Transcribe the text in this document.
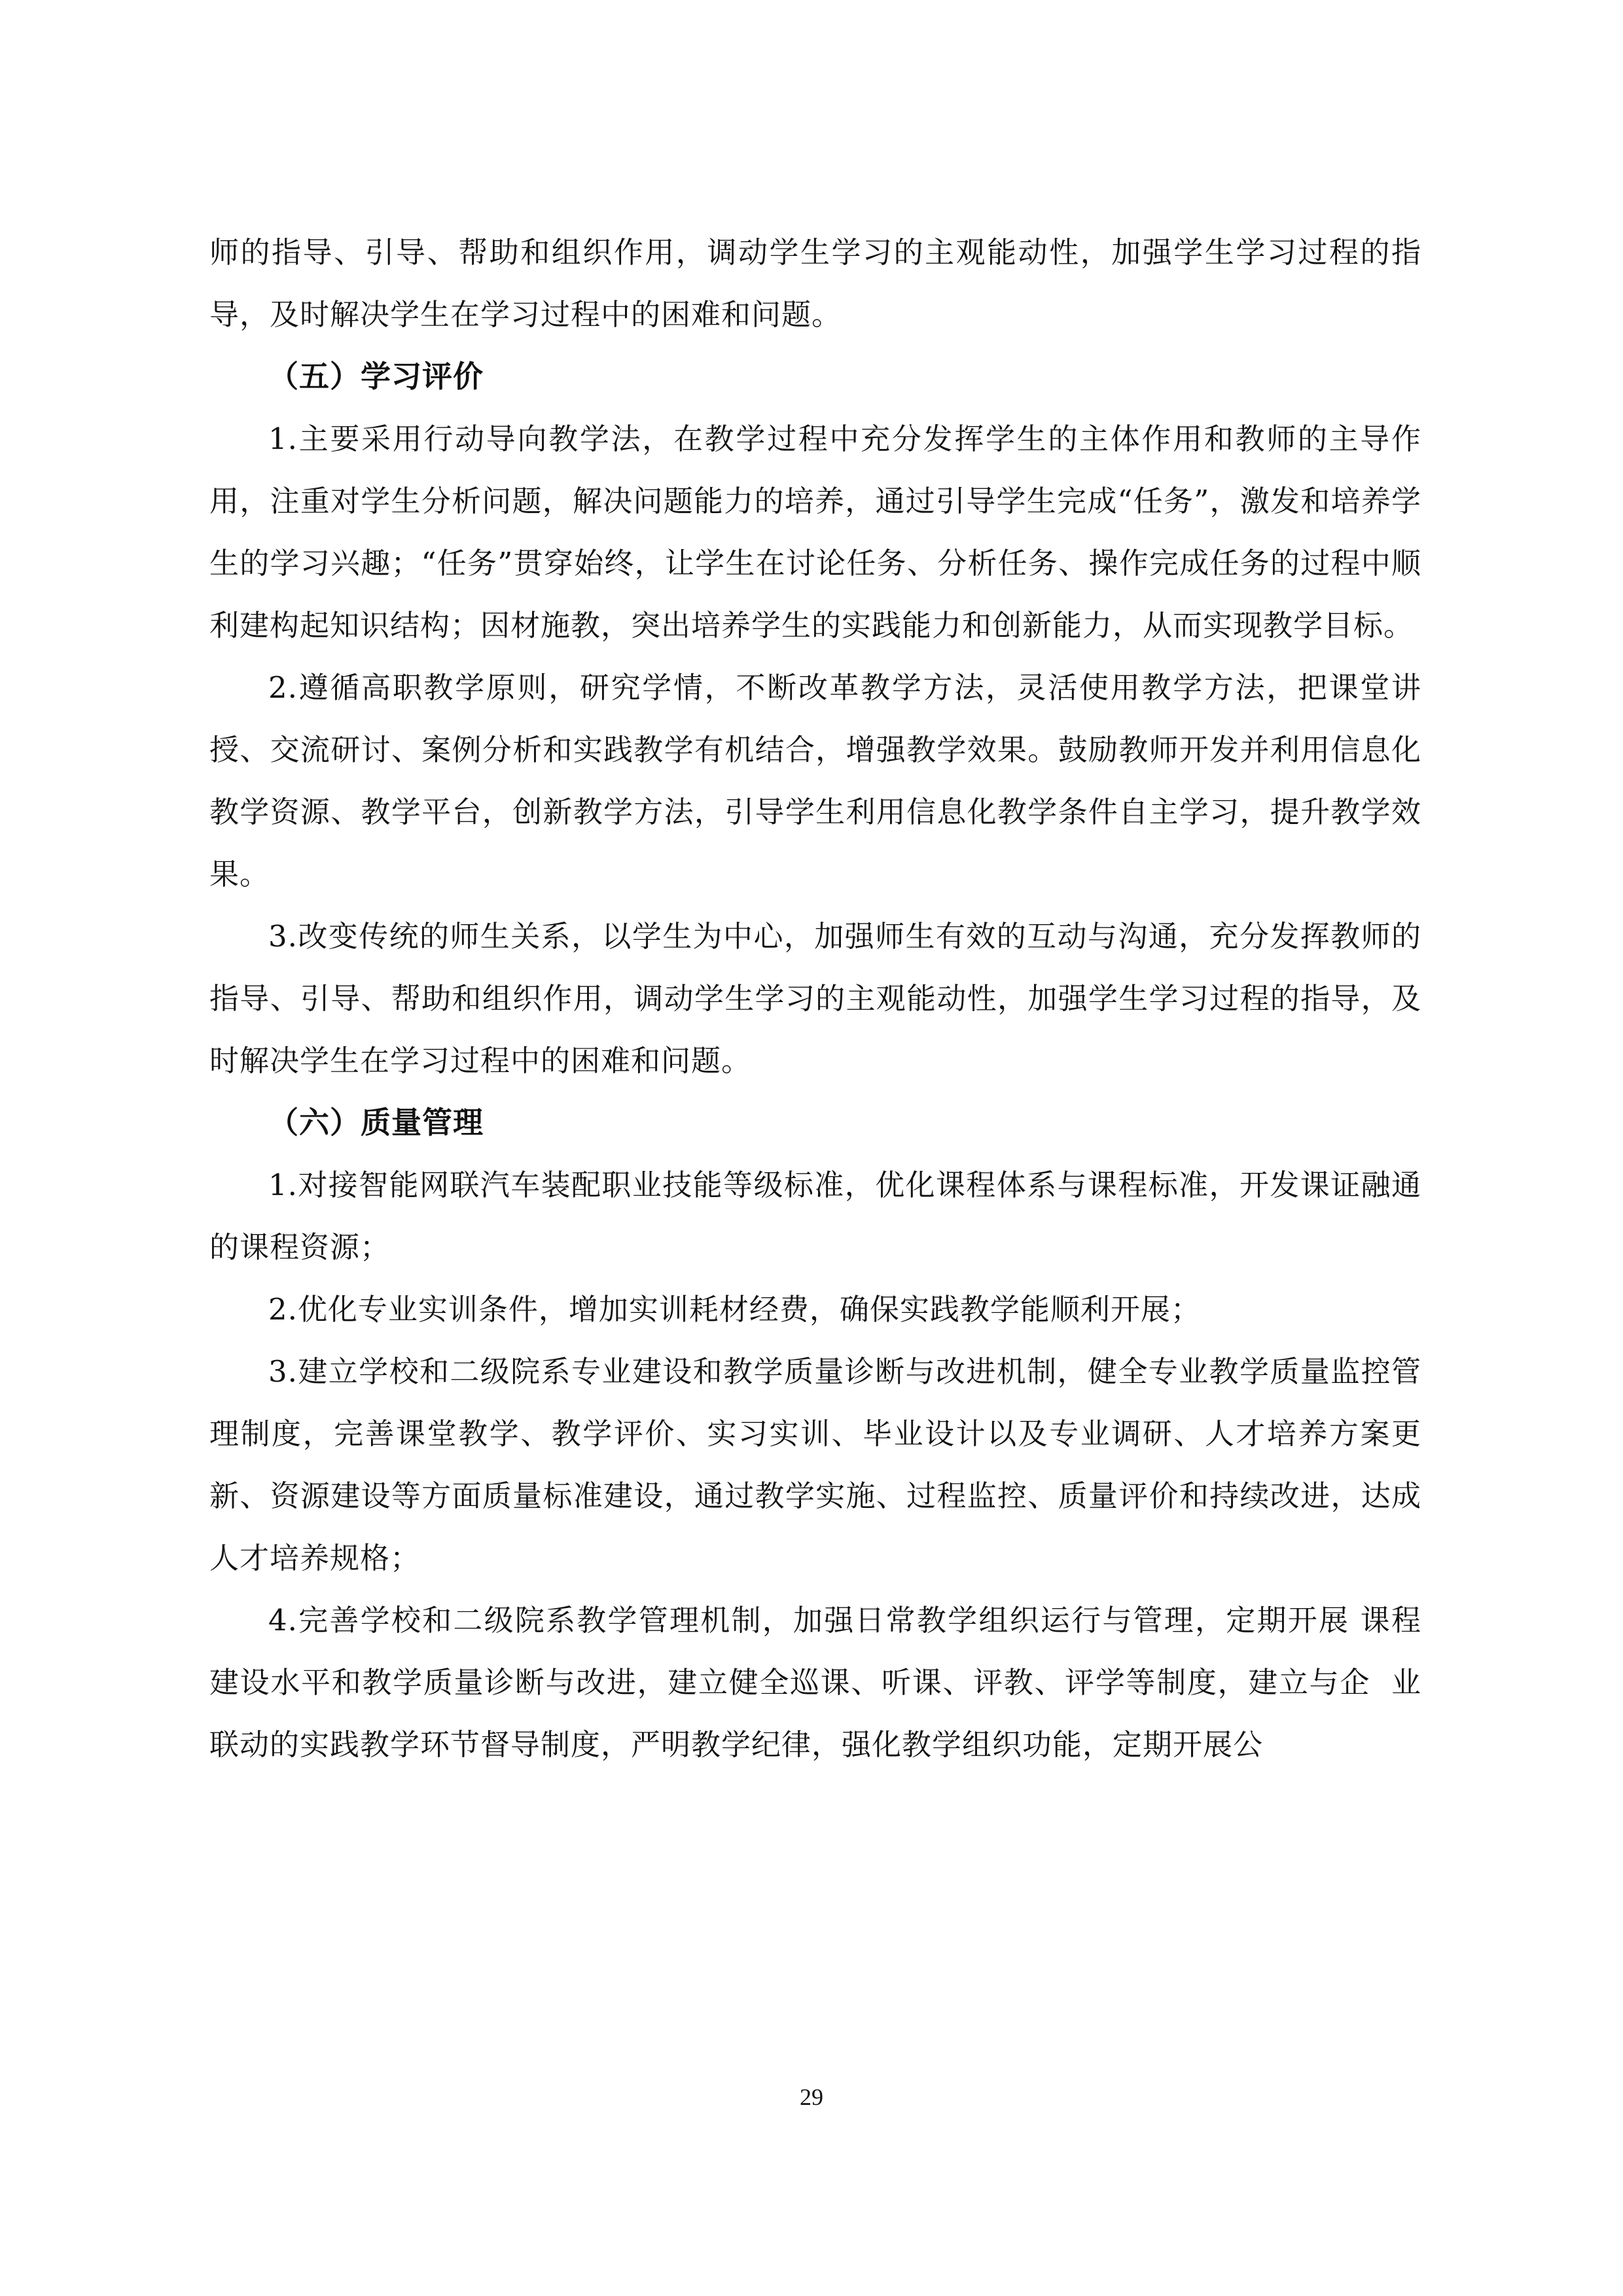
师的指导、引导、帮助和组织作用，调动学生学习的主观能动性，加强学生学习过程的指导，及时解决学生在学习过程中的困难和问题。

（五）学习评价

1.主要采用行动导向教学法，在教学过程中充分发挥学生的主体作用和教师的主导作用，注重对学生分析问题，解决问题能力的培养，通过引导学生完成“任务”，激发和培养学生的学习兴趣；“任务”贯穿始终，让学生在讨论任务、分析任务、操作完成任务的过程中顺利建构起知识结构；因材施教，突出培养学生的实践能力和创新能力，从而实现教学目标。

2.遵循高职教学原则，研究学情，不断改革教学方法，灵活使用教学方法，把课堂讲授、交流研讨、案例分析和实践教学有机结合，增强教学效果。鼓励教师开发并利用信息化教学资源、教学平台，创新教学方法，引导学生利用信息化教学条件自主学习，提升教学效果。

3.改变传统的师生关系，以学生为中心，加强师生有效的互动与沟通，充分发挥教师的指导、引导、帮助和组织作用，调动学生学习的主观能动性，加强学生学习过程的指导，及时解决学生在学习过程中的困难和问题。

（六）质量管理

1.对接智能网联汽车装配职业技能等级标准，优化课程体系与课程标准，开发课证融通的课程资源；

2.优化专业实训条件，增加实训耗材经费，确保实践教学能顺利开展；

3.建立学校和二级院系专业建设和教学质量诊断与改进机制，健全专业教学质量监控管理制度，完善课堂教学、教学评价、实习实训、毕业设计以及专业调研、人才培养方案更新、资源建设等方面质量标准建设，通过教学实施、过程监控、质量评价和持续改进，达成人才培养规格；

4.完善学校和二级院系教学管理机制，加强日常教学组织运行与管理，定期开展 课程建设水平和教学质量诊断与改进，建立健全巡课、听课、评教、评学等制度，建立与企  业联动的实践教学环节督导制度，严明教学纪律，强化教学组织功能，定期开展公

29
